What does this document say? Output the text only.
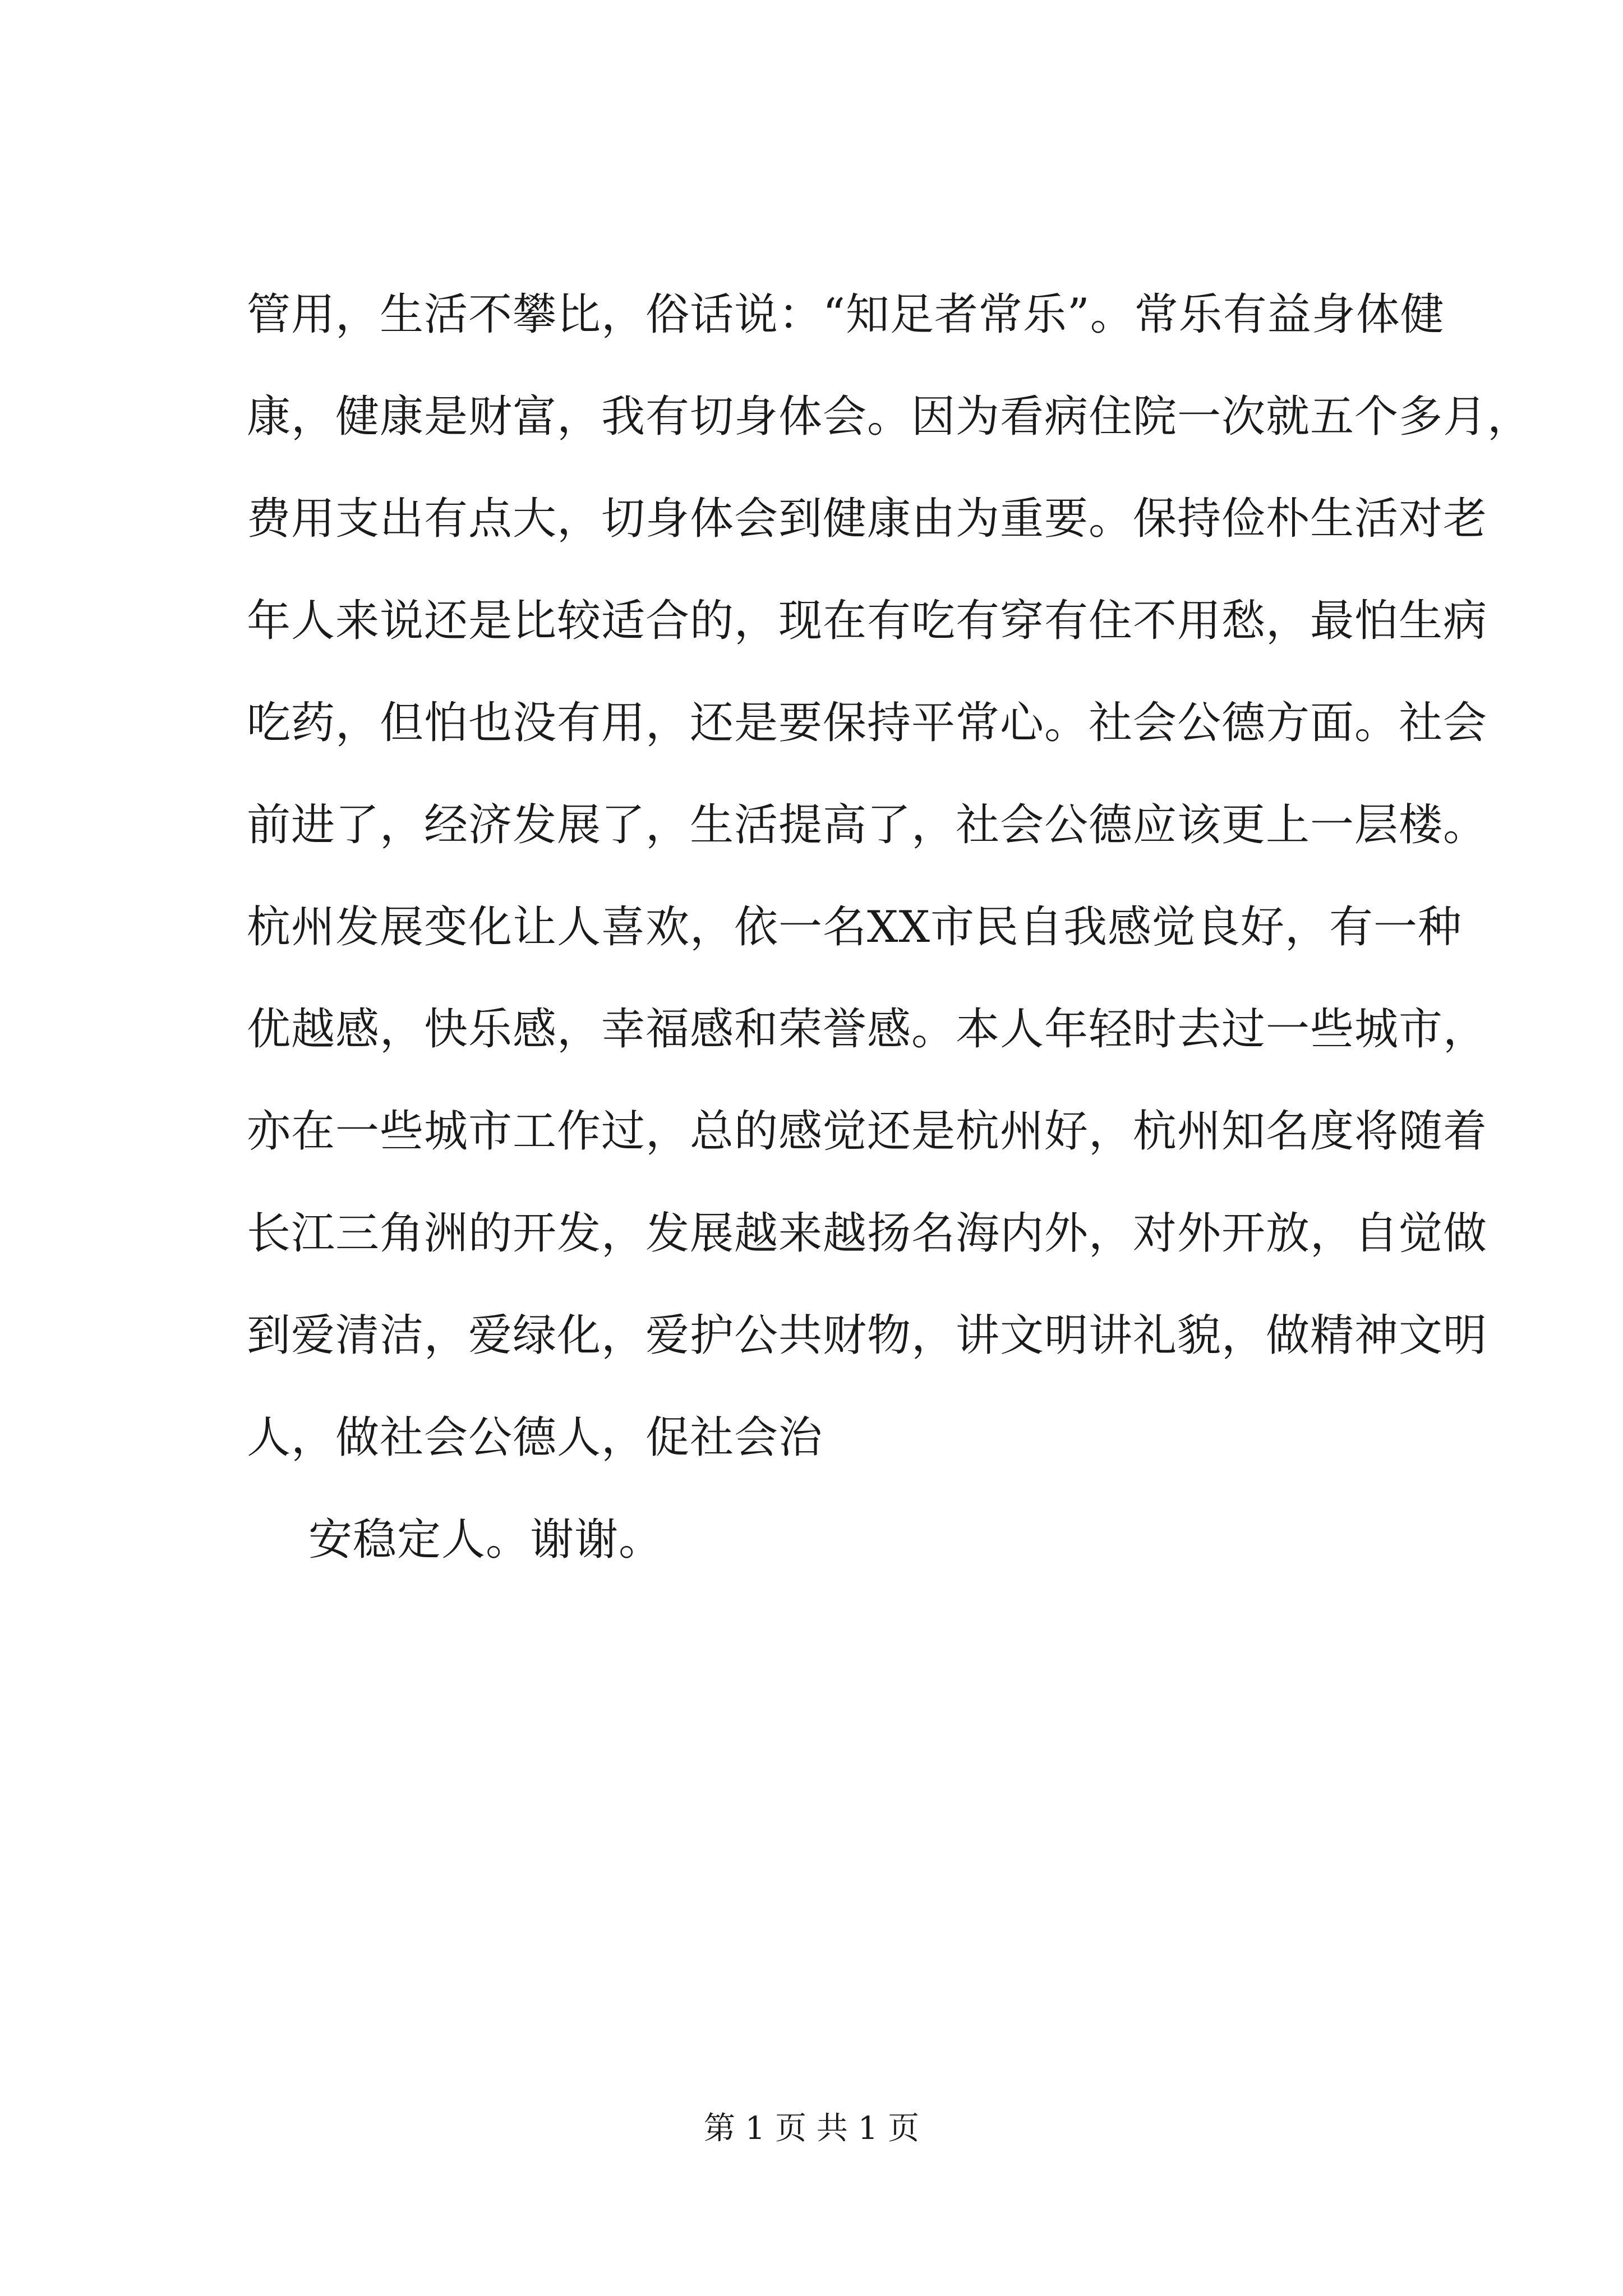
管用，生活不攀比，俗话说：“知足者常乐”。常乐有益身体健
康，健康是财富，我有切身体会。因为看病住院一次就五个多月，
费用支出有点大，切身体会到健康由为重要。保持俭朴生活对老
年人来说还是比较适合的，现在有吃有穿有住不用愁，最怕生病
吃药，但怕也没有用，还是要保持平常心。社会公德方面。社会
前进了，经济发展了，生活提高了，社会公德应该更上一层楼。
杭州发展变化让人喜欢，依一名XX市民自我感觉良好，有一种
优越感，快乐感，幸福感和荣誉感。本人年轻时去过一些城市，
亦在一些城市工作过，总的感觉还是杭州好，杭州知名度将随着
长江三角洲的开发，发展越来越扬名海内外，对外开放，自觉做
到爱清洁，爱绿化，爱护公共财物，讲文明讲礼貌，做精神文明
人，做社会公德人，促社会治
安稳定人。谢谢。
第 1 页 共 1 页
